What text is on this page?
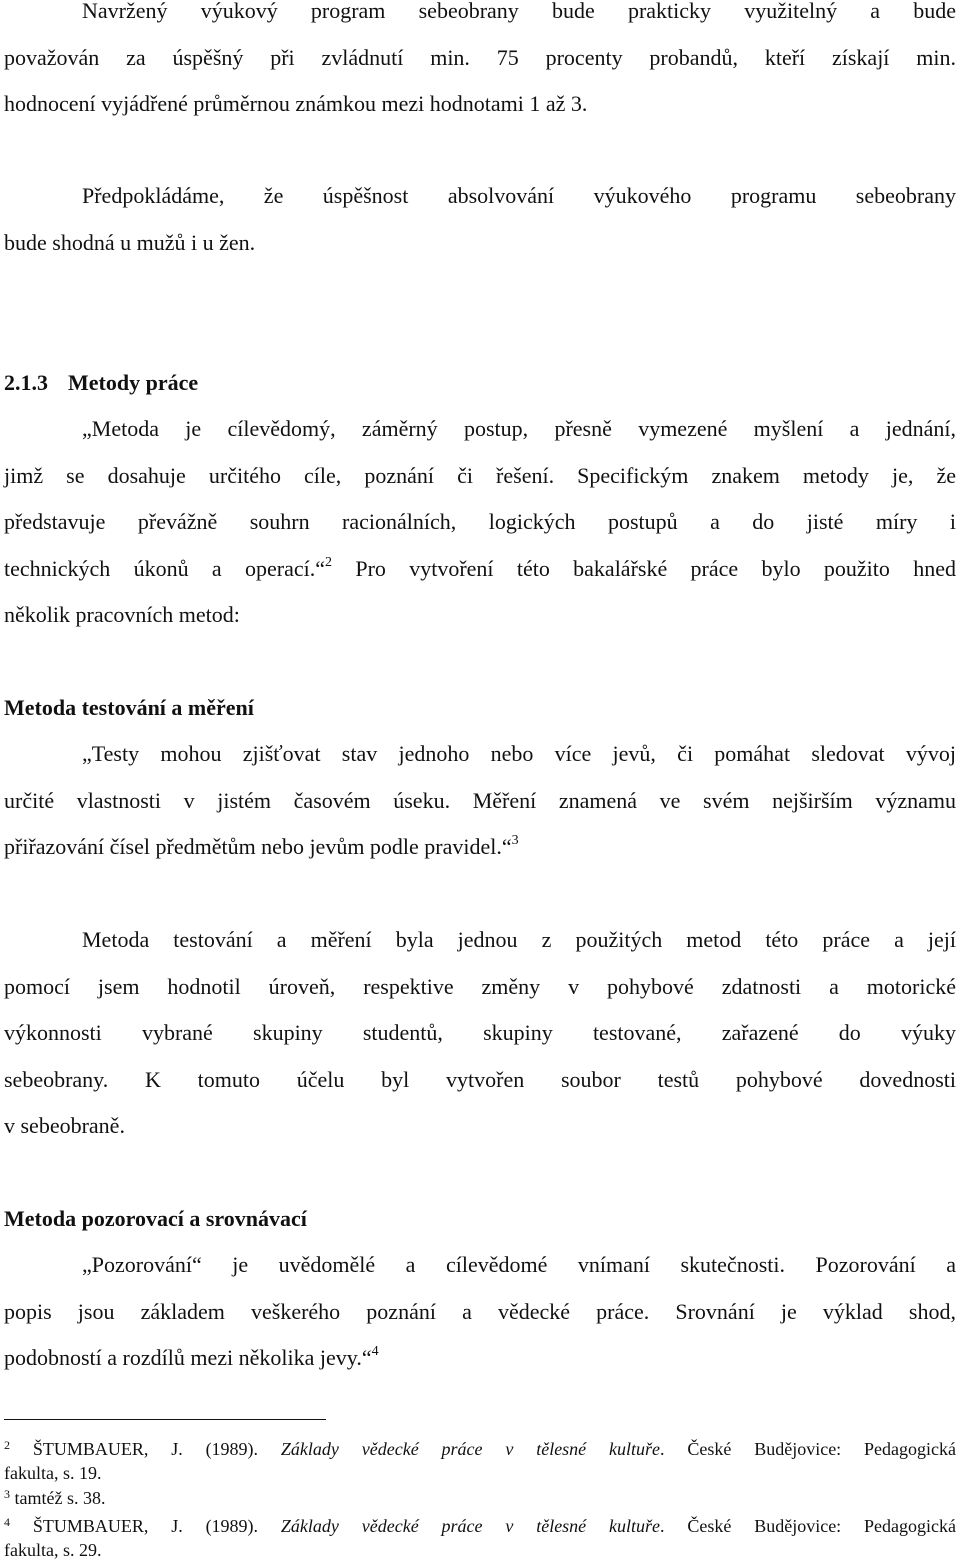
Navržený výukový program sebeobrany bude prakticky využitelný a bude
považován za úspěšný při zvládnutí min. 75 procenty probandů, kteří získají min.
hodnocení vyjádřené průměrnou známkou mezi hodnotami 1 až 3.
Předpokládáme, že úspěšnost absolvování výukového programu sebeobrany
bude shodná u mužů i u žen.
2.1.3 Metody práce
„Metoda je cílevědomý, záměrný postup, přesně vymezené myšlení a jednání,
jimž se dosahuje určitého cíle, poznání či řešení. Specifickým znakem metody je, že
představuje převážně souhrn racionálních, logických postupů a do jisté míry i
technických úkonů a operací.“$^2$ Pro vytvoření této bakalářské práce bylo použito hned
několik pracovních metod:
Metoda testování a měření
„Testy mohou zjišťovat stav jednoho nebo více jevů, či pomáhat sledovat vývoj
určité vlastnosti v jistém časovém úseku. Měření znamená ve svém nejširším významu
přiřazování čísel předmětům nebo jevům podle pravidel.“$^3$
Metoda testování a měření byla jednou z použitých metod této práce a její
pomocí jsem hodnotil úroveň, respektive změny v pohybové zdatnosti a motorické
výkonnosti vybrané skupiny studentů, skupiny testované, zařazené do výuky
sebeobrany. K tomuto účelu byl vytvořen soubor testů pohybové dovednosti
v sebeobraně.
Metoda pozorovací a srovnávací
„Pozorování“ je uvědomělé a cílevědomé vnímaní skutečnosti. Pozorování a
popis jsou základem veškerého poznání a vědecké práce. Srovnání je výklad shod,
podobností a rozdílů mezi několika jevy.“$^4$
$^2$ ŠTUMBAUER, J. (1989). Základy vědecké práce v tělesné kultuře. České Budějovice: Pedagogická
fakulta, s. 19.
$^3$ tamtéž s. 38.
$^4$ ŠTUMBAUER, J. (1989). Základy vědecké práce v tělesné kultuře. České Budějovice: Pedagogická
fakulta, s. 29.
